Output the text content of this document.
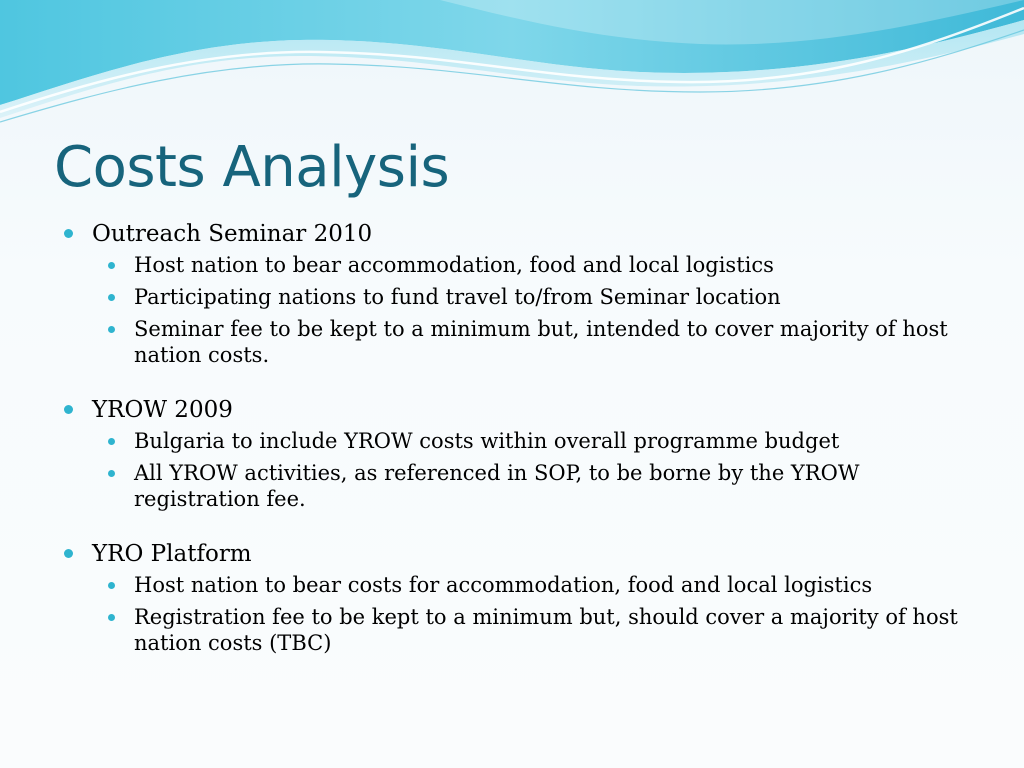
Costs Analysis
Outreach Seminar 2010
Host nation to bear accommodation, food and local logistics
Participating nations to fund travel to/from Seminar location
Seminar fee to be kept to a minimum but, intended to cover majority of host nation costs.
YROW 2009
Bulgaria to include YROW costs within overall programme budget
All YROW activities, as referenced in SOP, to be borne by the YROW registration fee.
YRO Platform
Host nation to bear costs for accommodation, food and local logistics
Registration fee to be kept to a minimum but, should cover a majority of host nation costs (TBC)
